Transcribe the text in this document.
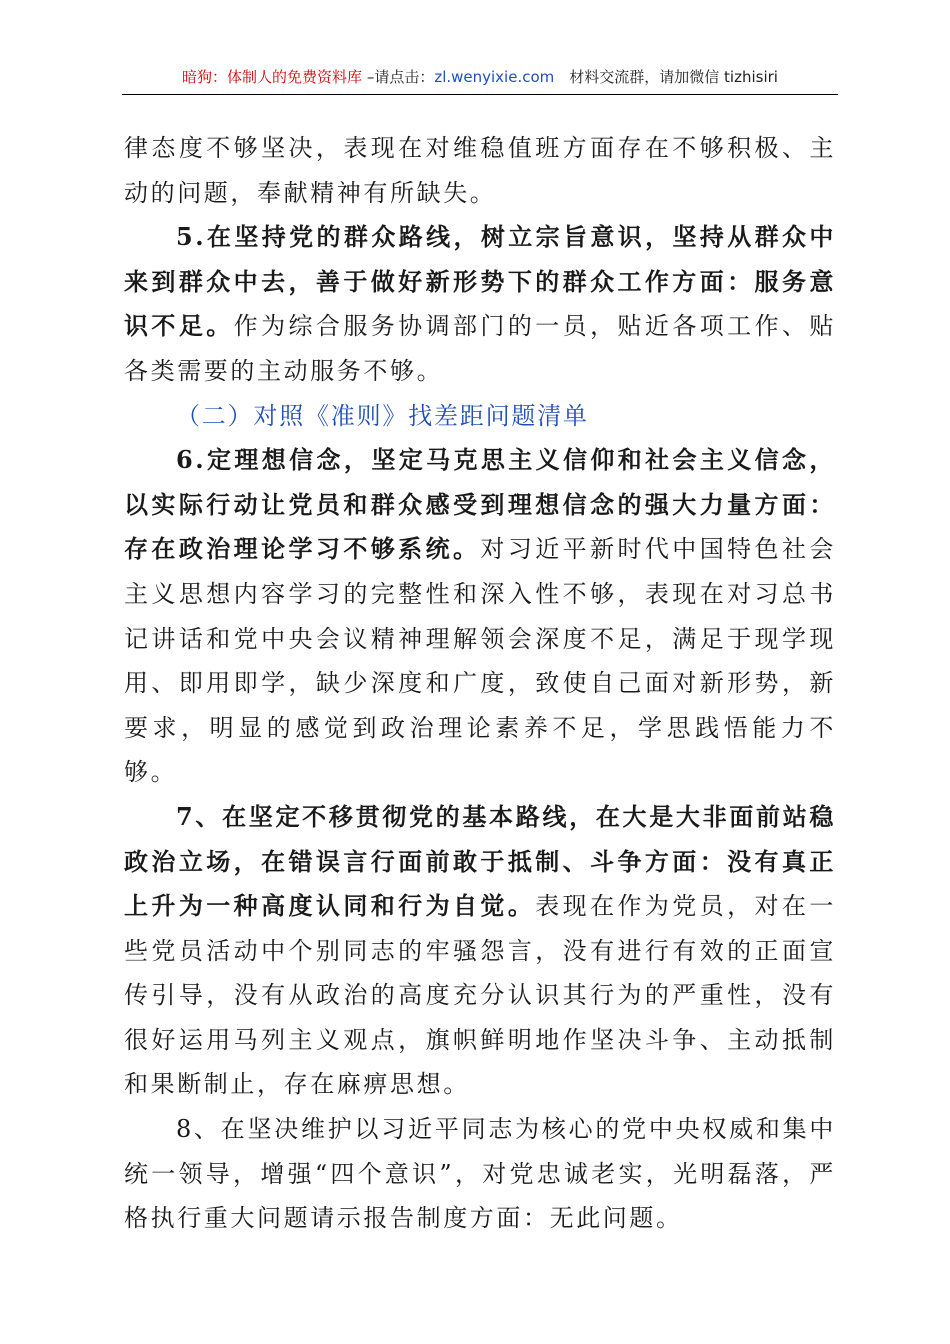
暗狗：体制人的免费资料库 –请点击：zl.wenyixie.com　材料交流群，请加微信 tizhisiri

律态度不够坚决，表现在对维稳值班方面存在不够积极、主动的问题，奉献精神有所缺失。

5.在坚持党的群众路线，树立宗旨意识，坚持从群众中来到群众中去，善于做好新形势下的群众工作方面：服务意识不足。作为综合服务协调部门的一员，贴近各项工作、贴各类需要的主动服务不够。

（二）对照《准则》找差距问题清单

6.定理想信念，坚定马克思主义信仰和社会主义信念，以实际行动让党员和群众感受到理想信念的强大力量方面：存在政治理论学习不够系统。对习近平新时代中国特色社会主义思想内容学习的完整性和深入性不够，表现在对习总书记讲话和党中央会议精神理解领会深度不足，满足于现学现用、即用即学，缺少深度和广度，致使自己面对新形势，新要求，明显的感觉到政治理论素养不足，学思践悟能力不够。

7、在坚定不移贯彻党的基本路线，在大是大非面前站稳政治立场，在错误言行面前敢于抵制、斗争方面：没有真正上升为一种高度认同和行为自觉。表现在作为党员，对在一些党员活动中个别同志的牢骚怨言，没有进行有效的正面宣传引导，没有从政治的高度充分认识其行为的严重性，没有很好运用马列主义观点，旗帜鲜明地作坚决斗争、主动抵制和果断制止，存在麻痹思想。

8、在坚决维护以习近平同志为核心的党中央权威和集中统一领导，增强“四个意识”，对党忠诚老实，光明磊落，严格执行重大问题请示报告制度方面：无此问题。
